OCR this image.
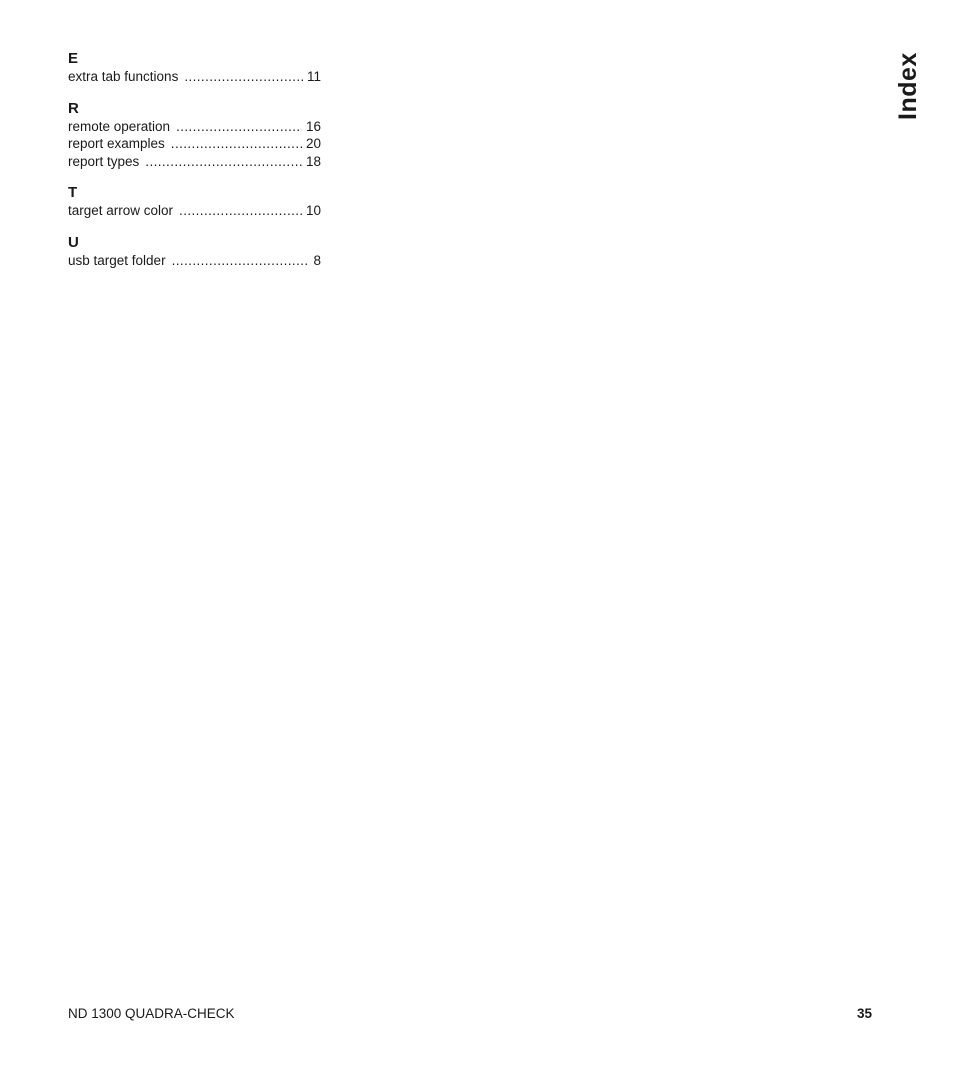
E
extra tab functions .....	11
R
remote operation .....	16
report examples .....	20
report types .....	18
T
target arrow color .....	10
U
usb target folder .....	8
Index
ND 1300 QUADRA-CHECK	35
